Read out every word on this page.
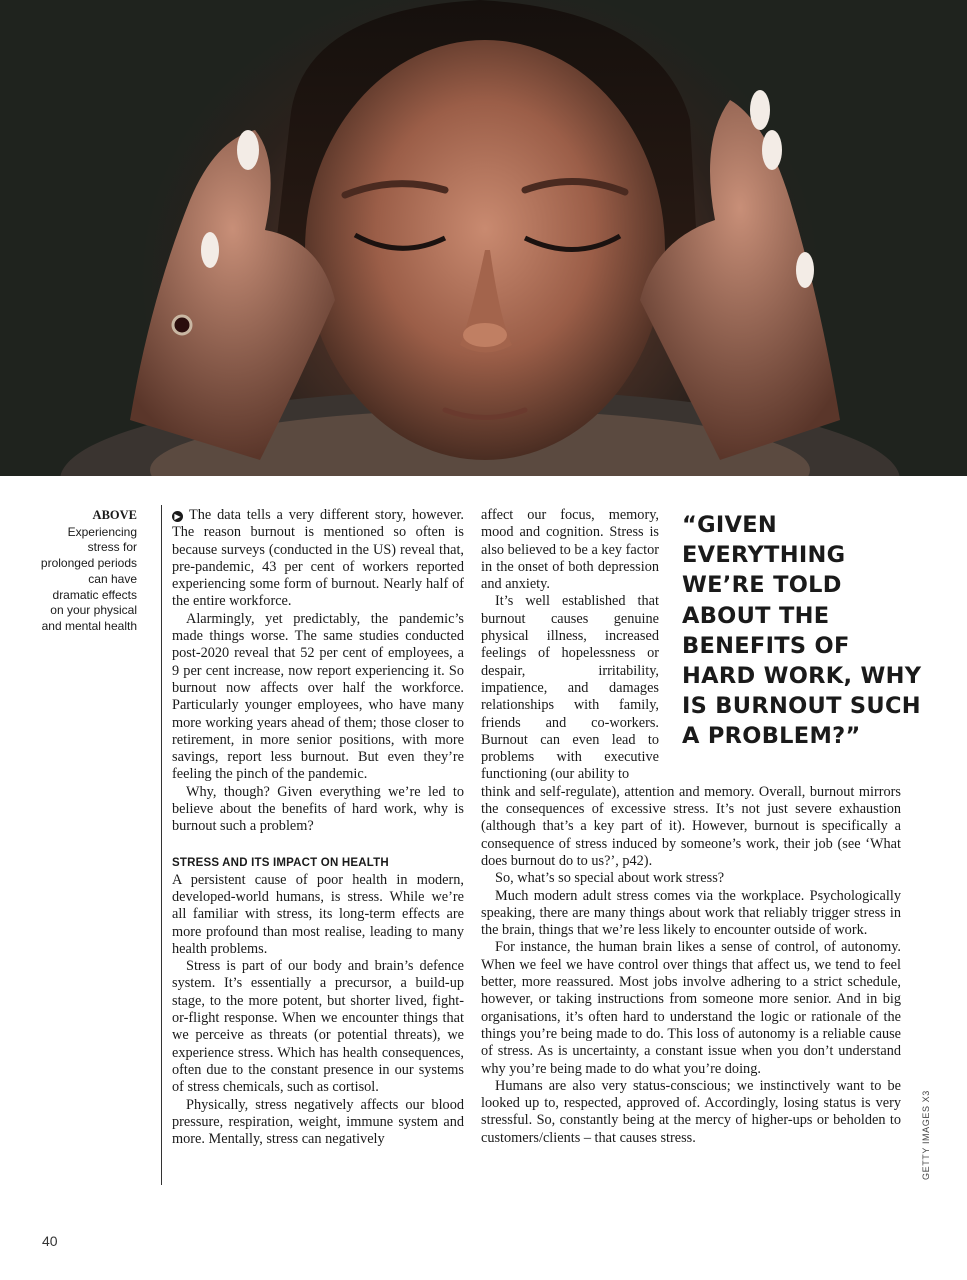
ABOVE
Experiencing stress for prolonged periods can have dramatic effects on your physical and mental health

▶ The data tells a very different story, however. The reason burnout is mentioned so often is because surveys (conducted in the US) reveal that, pre-pandemic, 43 per cent of workers reported experiencing some form of burnout. Nearly half of the entire workforce.

Alarmingly, yet predictably, the pandemic’s made things worse. The same studies conducted post-2020 reveal that 52 per cent of employees, a 9 per cent increase, now report experiencing it. So burnout now affects over half the workforce. Particularly younger employees, who have many more working years ahead of them; those closer to retirement, in more senior positions, with more savings, report less burnout. But even they’re feeling the pinch of the pandemic.

Why, though? Given everything we’re led to believe about the benefits of hard work, why is burnout such a problem?

STRESS AND ITS IMPACT ON HEALTH

A persistent cause of poor health in modern, developed-world humans, is stress. While we’re all familiar with stress, its long-term effects are more profound than most realise, leading to many health problems.

Stress is part of our body and brain’s defence system. It’s essentially a precursor, a build-up stage, to the more potent, but shorter lived, fight-or-flight response. When we encounter things that we perceive as threats (or potential threats), we experience stress. Which has health consequences, often due to the constant presence in our systems of stress chemicals, such as cortisol.

Physically, stress negatively affects our blood pressure, respiration, weight, immune system and more. Mentally, stress can negatively

affect our focus, memory, mood and cognition. Stress is also believed to be a key factor in the onset of both depression and anxiety.

It’s well established that burnout causes genuine physical illness, increased feelings of hopelessness or despair, irritability, impatience, and damages relationships with family, friends and co-workers. Burnout can even lead to problems with executive functioning (our ability to

think and self-regulate), attention and memory. Overall, burnout mirrors the consequences of excessive stress. It’s not just severe exhaustion (although that’s a key part of it). However, burnout is specifically a consequence of stress induced by someone’s work, their job (see ‘What does burnout do to us?’, p42).

So, what’s so special about work stress?

Much modern adult stress comes via the workplace. Psychologically speaking, there are many things about work that reliably trigger stress in the brain, things that we’re less likely to encounter outside of work.

For instance, the human brain likes a sense of control, of autonomy. When we feel we have control over things that affect us, we tend to feel better, more reassured. Most jobs involve adhering to a strict schedule, however, or taking instructions from someone more senior. And in big organisations, it’s often hard to understand the logic or rationale of the things you’re being made to do. This loss of autonomy is a reliable cause of stress. As is uncertainty, a constant issue when you don’t understand why you’re being made to do what you’re doing.

Humans are also very status-conscious; we instinctively want to be looked up to, respected, approved of. Accordingly, losing status is very stressful. So, constantly being at the mercy of higher-ups or beholden to customers/clients – that causes stress.

“GIVEN EVERYTHING WE’RE TOLD ABOUT THE BENEFITS OF HARD WORK, WHY IS BURNOUT SUCH A PROBLEM?”
GETTY IMAGES X3
40
